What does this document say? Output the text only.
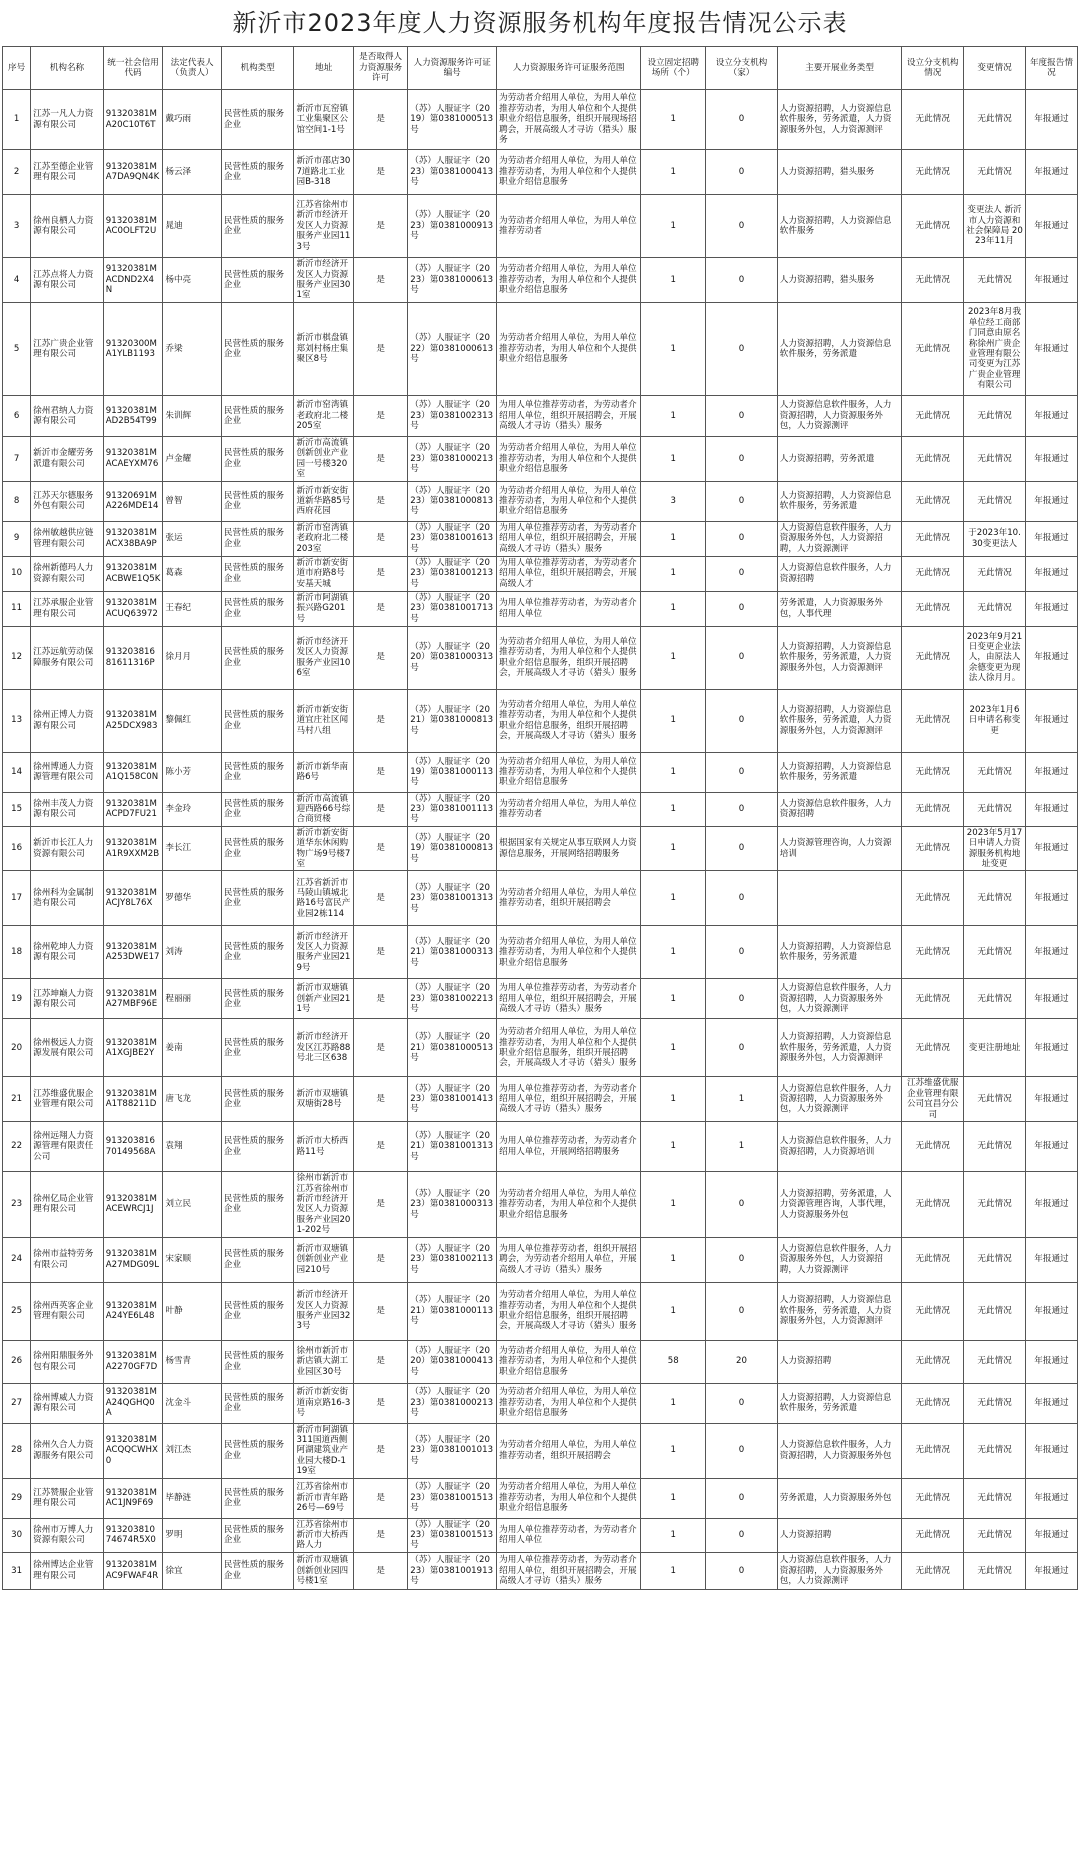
新沂市2023年度人力资源服务机构年度报告情况公示表
序号	机构名称	统一社会信用代码	法定代表人（负责人）	机构类型	地址	是否取得人力资源服务许可	人力资源服务许可证编号	人力资源服务许可证服务范围	设立固定招聘场所（个）	设立分支机构（家）	主要开展业务类型	设立分支机构情况	变更情况	年度报告情况
1	江苏一凡人力资源有限公司	91320381MA20C10T6T	戴巧雨	民营性质的服务企业	新沂市瓦窑镇工业集聚区公馆空间1-1号	是	（苏）人服证字（2019）第0381000513号	为劳动者介绍用人单位，为用人单位推荐劳动者，为用人单位和个人提供职业介绍信息服务，组织开展现场招聘会，开展高级人才寻访（猎头）服务	1	0	人力资源招聘，人力资源信息软件服务，劳务派遣，人力资源服务外包，人力资源测评	无此情况	无此情况	年报通过
2	江苏至德企业管理有限公司	91320381MA7DA9QN4K	杨云泽	民营性质的服务企业	新沂市邵店307道路北工业园B-318	是	（苏）人服证字（2023）第0381000413号	为劳动者介绍用人单位，为用人单位推荐劳动者，为用人单位和个人提供职业介绍信息服务	1	0	人力资源招聘，猎头服务	无此情况	无此情况	年报通过
3	徐州良栖人力资源有限公司	91320381MAC0OLFT2U	晁迪	民营性质的服务企业	江苏省徐州市新沂市经济开发区人力资源服务产业园113号	是	（苏）人服证字（2023）第0381000913号	为劳动者介绍用人单位，为用人单位推荐劳动者	1	0	人力资源招聘，人力资源信息软件服务	无此情况	变更法人 新沂市人力资源和社会保障局 2023年11月	年报通过
4	江苏点将人力资源有限公司	91320381MACDND2X4N	杨中亮	民营性质的服务企业	新沂市经济开发区人力资源服务产业园301室	是	（苏）人服证字（2023）第0381000613号	为劳动者介绍用人单位，为用人单位推荐劳动者，为用人单位和个人提供职业介绍信息服务	1	0	人力资源招聘，猎头服务	无此情况	无此情况	年报通过
5	江苏广贵企业管理有限公司	91320300MA1YLB1193	乔梁	民营性质的服务企业	新沂市棋盘镇郑刘村杨庄集聚区8号	是	（苏）人服证字（2022）第0381000613号	为劳动者介绍用人单位，为用人单位推荐劳动者，为用人单位和个人提供职业介绍信息服务	1	0	人力资源招聘，人力资源信息软件服务，劳务派遣	无此情况	2023年8月我单位经工商部门同意由原名称徐州广贵企业管理有限公司变更为江苏广贵企业管理有限公司	年报通过
6	徐州君纳人力资源有限公司	91320381MAD2B54T99	朱训辉	民营性质的服务企业	新沂市窑湾镇老政府北二楼205室	是	（苏）人服证字（2023）第0381002313号	为用人单位推荐劳动者，为劳动者介绍用人单位，组织开展招聘会，开展高级人才寻访（猎头）服务	1	0	人力资源信息软件服务，人力资源招聘，人力资源服务外包，人力资源测评	无此情况	无此情况	年报通过
7	新沂市金耀劳务派遣有限公司	91320381MACAEYXM76	卢金耀	民营性质的服务企业	新沂市高流镇创新创业产业园一号楼320室	是	（苏）人服证字（2023）第0381000213号	为劳动者介绍用人单位，为用人单位推荐劳动者，为用人单位和个人提供职业介绍信息服务	1	0	人力资源招聘，劳务派遣	无此情况	无此情况	年报通过
8	江苏天尔德服务外包有限公司	91320691MA226MDE14	曾智	民营性质的服务企业	新沂市新安街道新华路85号西府花园	是	（苏）人服证字（2023）第0381000813号	为劳动者介绍用人单位，为用人单位推荐劳动者，为用人单位和个人提供职业介绍信息服务	3	0	人力资源招聘，人力资源信息软件服务，劳务派遣	无此情况	无此情况	年报通过
9	徐州敏越供应链管理有限公司	91320381MACX38BA9P	张运	民营性质的服务企业	新沂市窑湾镇老政府北二楼203室	是	（苏）人服证字（2023）第0381001613号	为用人单位推荐劳动者，为劳动者介绍用人单位，组织开展招聘会，开展高级人才寻访（猎头）服务	1	0	人力资源信息软件服务，人力资源服务外包，人力资源招聘，人力资源测评	无此情况	于2023年10.30变更法人	年报通过
10	徐州新德玛人力资源有限公司	91320381MACBWE1Q5K	葛森	民营性质的服务企业	新沂市新安街道市府路8号安基天城	是	（苏）人服证字（2023）第0381001213号	为用人单位推荐劳动者，为劳动者介绍用人单位，组织开展招聘会，开展高级人才	1	0	人力资源信息软件服务，人力资源招聘	无此情况	无此情况	年报通过
11	江苏承服企业管理有限公司	91320381MACUQ63972	王春纪	民营性质的服务企业	新沂市阿湖镇振兴路G201号	是	（苏）人服证字（2023）第0381001713号	为用人单位推荐劳动者，为劳动者介绍用人单位	1	0	劳务派遣，人力资源服务外包，人事代理	无此情况	无此情况	年报通过
12	江苏远航劳动保障服务有限公司	91320381681611316P	徐月月	民营性质的服务企业	新沂市经济开发区人力资源服务产业园106室	是	（苏）人服证字（2020）第0381000313号	为劳动者介绍用人单位，为用人单位推荐劳动者，为用人单位和个人提供职业介绍信息服务，组织开展招聘会，开展高级人才寻访（猎头）服务	1	0	人力资源招聘，人力资源信息软件服务，劳务派遣，人力资源服务外包，人力资源测评	无此情况	2023年9月21日变更企业法人，由原法人余德变更为现法人徐月月。	年报通过
13	徐州正博人力资源有限公司	91320381MA25DCX983	黎佩红	民营性质的服务企业	新沂市新安街道宜庄社区闻马村八组	是	（苏）人服证字（2021）第0381000813号	为劳动者介绍用人单位，为用人单位推荐劳动者，为用人单位和个人提供职业介绍信息服务，组织开展招聘会，开展高级人才寻访（猎头）服务	1	0	人力资源招聘，人力资源信息软件服务，劳务派遣，人力资源服务外包，人力资源测评	无此情况	2023年1月6日申请名称变更	年报通过
14	徐州博通人力资源管理有限公司	91320381MA1Q158C0N	陈小芳	民营性质的服务企业	新沂市新华南路6号	是	（苏）人服证字（2019）第0381000113号	为劳动者介绍用人单位，为用人单位推荐劳动者，为用人单位和个人提供职业介绍信息服务	1	0	人力资源招聘，人力资源信息软件服务，劳务派遣	无此情况	无此情况	年报通过
15	徐州丰茂人力资源有限公司	91320381MACPD7FU21	李金玲	民营性质的服务企业	新沂市高流镇迎西路66号综合商贸楼	是	（苏）人服证字（2023）第0381001113号	为劳动者介绍用人单位，为用人单位推荐劳动者	1	0	人力资源信息软件服务，人力资源招聘	无此情况	无此情况	年报通过
16	新沂市长江人力资源有限公司	91320381MA1R9XXM2B	李长江	民营性质的服务企业	新沂市新安街道华东休闲购物广场9号楼7室	是	（苏）人服证字（2019）第0381000813号	根据国家有关规定从事互联网人力资源信息服务，开展网络招聘服务	1	0	人力资源管理咨询，人力资源培训	无此情况	2023年5月17日申请人力资源服务机构地址变更	年报通过
17	徐州科为金属制造有限公司	91320381MACJY8L76X	罗德华	民营性质的服务企业	江苏省新沂市马陵山镇城北路16号富民产业园2栋114	是	（苏）人服证字（2023）第0381001313号	为劳动者介绍用人单位，为用人单位推荐劳动者，组织开展招聘会	1	0		无此情况	无此情况	年报通过
18	徐州乾坤人力资源有限公司	91320381MA253DWE17	刘涛	民营性质的服务企业	新沂市经济开发区人力资源服务产业园219号	是	（苏）人服证字（2021）第0381000313号	为劳动者介绍用人单位，为用人单位推荐劳动者，为用人单位和个人提供职业介绍信息服务	1	0	人力资源招聘，人力资源信息软件服务，劳务派遣	无此情况	无此情况	年报通过
19	江苏坤巅人力资源有限公司	91320381MA27MBF96E	程丽丽	民营性质的服务企业	新沂市双塘镇创新产业园211号	是	（苏）人服证字（2023）第0381002213号	为用人单位推荐劳动者，为劳动者介绍用人单位，组织开展招聘会，开展高级人才寻访（猎头）服务	1	0	人力资源信息软件服务，人力资源招聘，人力资源服务外包，人力资源测评	无此情况	无此情况	年报通过
20	徐州极远人力资源发展有限公司	91320381MA1XGJBE2Y	姜南	民营性质的服务企业	新沂市经济开发区江苏路88号北三区638	是	（苏）人服证字（2021）第0381000513号	为劳动者介绍用人单位，为用人单位推荐劳动者，为用人单位和个人提供职业介绍信息服务，组织开展招聘会，开展高级人才寻访（猎头）服务	1	0	人力资源招聘，人力资源信息软件服务，劳务派遣，人力资源服务外包，人力资源测评	无此情况	变更注册地址	年报通过
21	江苏维盛优服企业管理有限公司	91320381MA1T88211D	唐飞龙	民营性质的服务企业	新沂市双塘镇双塘街28号	是	（苏）人服证字（2023）第0381001413号	为用人单位推荐劳动者，为劳动者介绍用人单位，组织开展招聘会，开展高级人才寻访（猎头）服务	1	1	人力资源信息软件服务，人力资源招聘，人力资源服务外包，人力资源测评	江苏维盛优服企业管理有限公司宜昌分公司	无此情况	年报通过
22	徐州远翔人力资源管理有限责任公司	91320381670149568A	袁翔	民营性质的服务企业	新沂市大桥西路11号	是	（苏）人服证字（2021）第0381001313号	为用人单位推荐劳动者，为劳动者介绍用人单位，开展网络招聘服务	1	1	人力资源信息软件服务，人力资源招聘，人力资源培训	无此情况	无此情况	年报通过
23	徐州亿局企业管理有限公司	91320381MACEWRCJ1J	刘立民	民营性质的服务企业	徐州市新沂市江苏省徐州市新沂市经济开发区人力资源服务产业园201-202号	是	（苏）人服证字（2023）第0381000313号	为劳动者介绍用人单位，为用人单位推荐劳动者，为用人单位和个人提供职业介绍信息服务	1	0	人力资源招聘，劳务派遣，人力资源管理咨询，人事代理，人力资源服务外包	无此情况	无此情况	年报通过
24	徐州市益特劳务有限公司	91320381MA27MDG09L	宋家顺	民营性质的服务企业	新沂市双塘镇创新创业产业园210号	是	（苏）人服证字（2023）第0381002113号	为用人单位推荐劳动者，组织开展招聘会，为劳动者介绍用人单位，开展高级人才寻访（猎头）服务	1	0	人力资源信息软件服务，人力资源服务外包，人力资源招聘，人力资源测评	无此情况	无此情况	年报通过
25	徐州西英客企业管理有限公司	91320381MA24YE6L48	叶静	民营性质的服务企业	新沂市经济开发区人力资源服务产业园323号	是	（苏）人服证字（2021）第0381000113号	为劳动者介绍用人单位，为用人单位推荐劳动者，为用人单位和个人提供职业介绍信息服务，组织开展招聘会，开展高级人才寻访（猎头）服务	1	0	人力资源招聘，人力资源信息软件服务，劳务派遣，人力资源服务外包，人力资源测评	无此情况	无此情况	年报通过
26	徐州阳鼎服务外包有限公司	91320381MA2270GF7D	杨雪青	民营性质的服务企业	徐州市新沂市新店镇大湖工业园区30号	是	（苏）人服证字（2020）第0381000413号	为劳动者介绍用人单位，为用人单位推荐劳动者，为用人单位和个人提供职业介绍信息服务	58	20	人力资源招聘	无此情况	无此情况	年报通过
27	徐州博威人力资源有限公司	91320381MA24QGHQ0A	沈金斗	民营性质的服务企业	新沂市新安街道南京路16-3号	是	（苏）人服证字（2023）第0381000213号	为劳动者介绍用人单位，为用人单位推荐劳动者，为用人单位和个人提供职业介绍信息服务	1	0	人力资源招聘，人力资源信息软件服务，劳务派遣	无此情况	无此情况	年报通过
28	徐州久合人力资源服务有限公司	91320381MACQQCWHX0	刘江杰	民营性质的服务企业	新沂市阿湖镇311国道西侧阿湖建筑业产业园大楼D-119室	是	（苏）人服证字（2023）第0381001013号	为劳动者介绍用人单位，为用人单位推荐劳动者，组织开展招聘会	1	0	人力资源信息软件服务，人力资源招聘，人力资源服务外包	无此情况	无此情况	年报通过
29	江苏赞服企业管理有限公司	91320381MAC1JN9F69	毕静涟	民营性质的服务企业	江苏省徐州市新沂市青年路26号—69号	是	（苏）人服证字（2023）第0381001513号	为劳动者介绍用人单位，为用人单位推荐劳动者，为用人单位和个人提供职业介绍信息服务	1	0	劳务派遣，人力资源服务外包	无此情况	无此情况	年报通过
30	徐州市万博人力资源有限公司	91320381074674R5X0	罗明	民营性质的服务企业	江苏省徐州市新沂市大桥西路人力	是	（苏）人服证字（2023）第0381001513号	为用人单位推荐劳动者，为劳动者介绍用人单位	1	0	人力资源招聘	无此情况	无此情况	年报通过
31	徐州博达企业管理有限公司	91320381MAC9FWAF4R	徐宜	民营性质的服务企业	新沂市双塘镇创新创业园四号楼1室	是	（苏）人服证字（2023）第0381001913号	为用人单位推荐劳动者，为劳动者介绍用人单位，组织开展招聘会，开展高级人才寻访（猎头）服务	1	0	人力资源信息软件服务，人力资源招聘，人力资源服务外包，人力资源测评	无此情况	无此情况	年报通过
